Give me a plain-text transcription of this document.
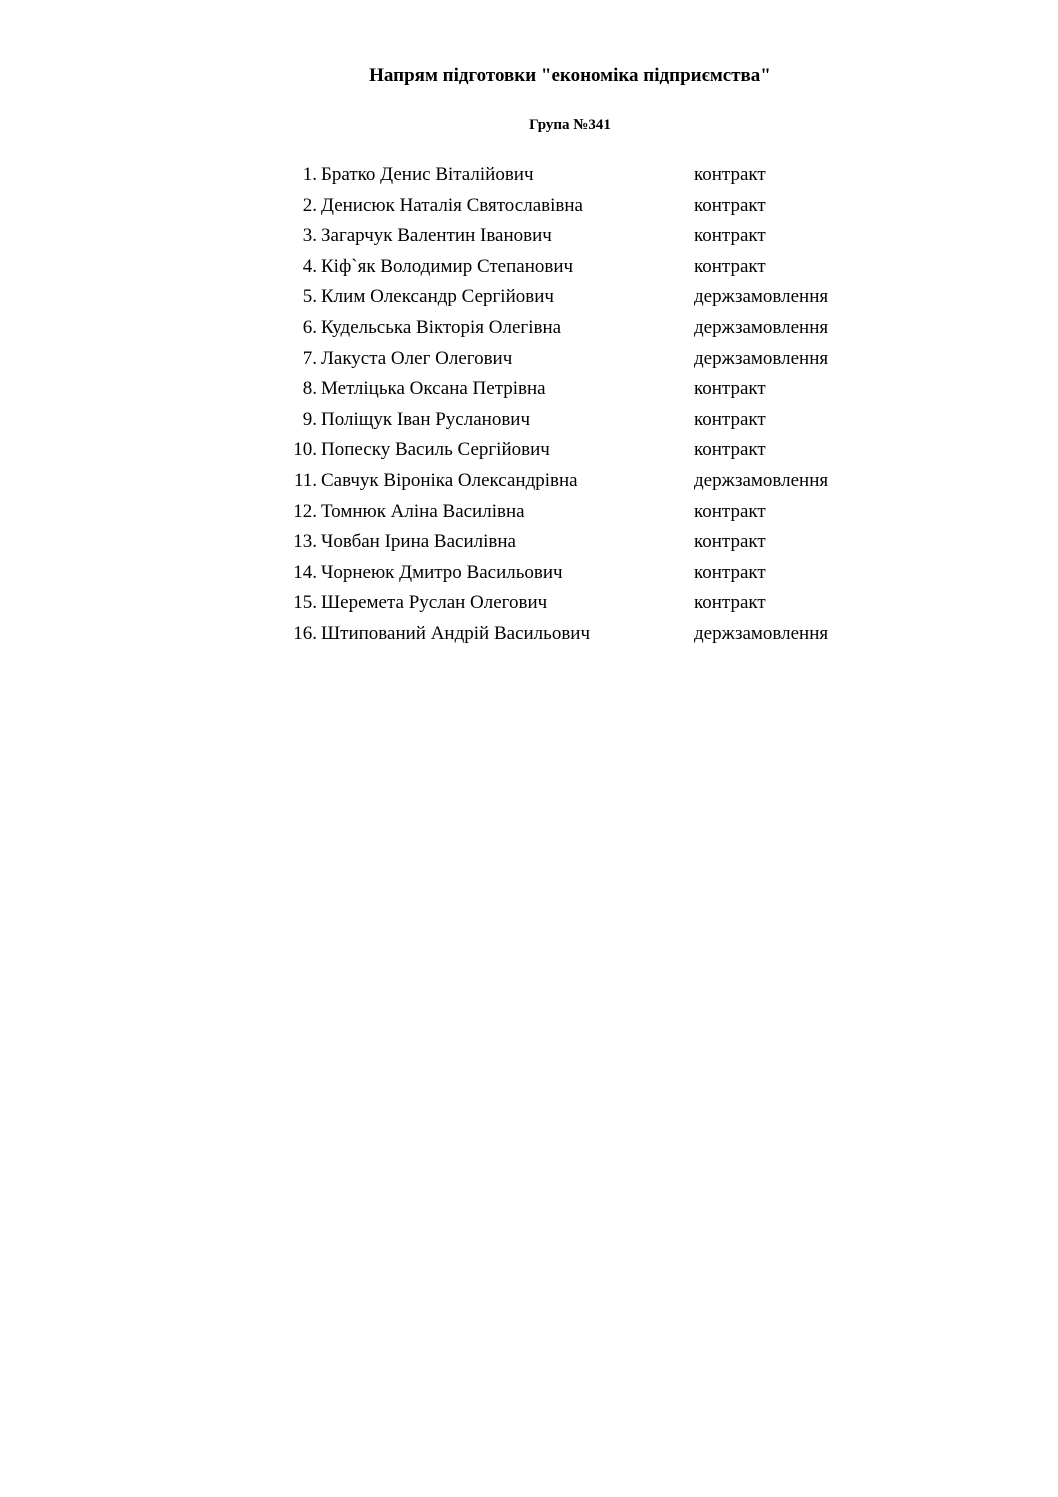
Напрям підготовки "економіка підприємства"
Група №341
1. Братко Денис Віталійович	контракт
2. Денисюк Наталія Святославівна	контракт
3. Загарчук Валентин Іванович	контракт
4. Кіф`як Володимир Степанович	контракт
5. Клим Олександр Сергійович	держзамовлення
6. Кудельська Вікторія Олегівна	держзамовлення
7. Лакуста Олег Олегович	держзамовлення
8. Метліцька Оксана Петрівна	контракт
9. Поліщук Іван Русланович	контракт
10. Попеску Василь Сергійович	контракт
11. Савчук Віроніка Олександрівна	держзамовлення
12. Томнюк Аліна Василівна	контракт
13. Човбан Ірина Василівна	контракт
14. Чорнеюк Дмитро Васильович	контракт
15. Шеремета Руслан Олегович	контракт
16. Штипований Андрій Васильович	держзамовлення
